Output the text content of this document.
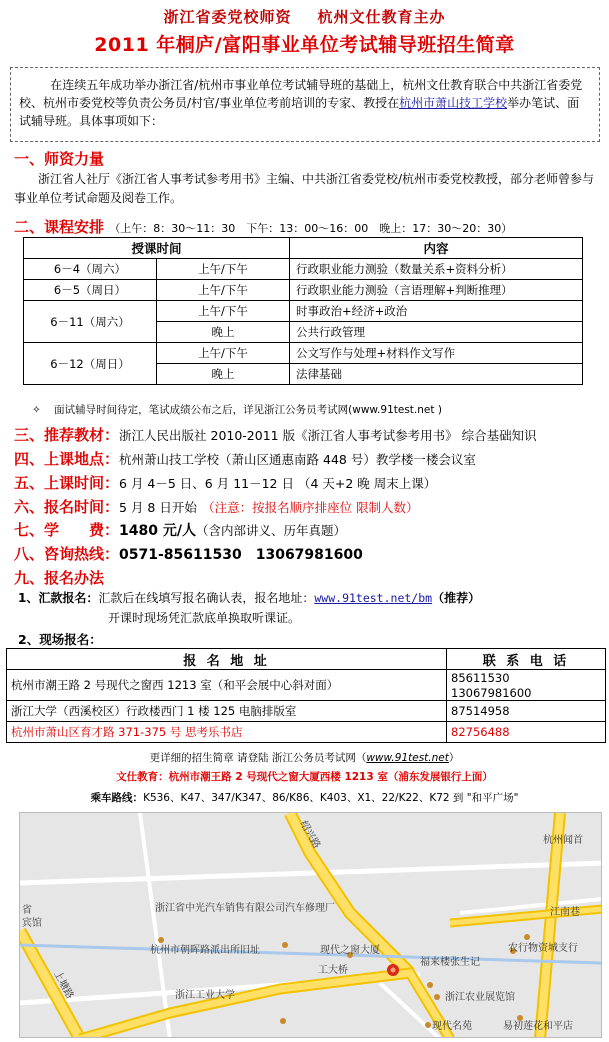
浙江省委党校师资 杭州文仕教育主办
2011 年桐庐/富阳事业单位考试辅导班招生简章
在连续五年成功举办浙江省/杭州市事业单位考试辅导班的基础上，杭州文仕教育联合中共浙江省委党校、杭州市委党校等负责公务员/村官/事业单位考前培训的专家、教授在杭州市萧山技工学校举办笔试、面试辅导班。具体事项如下：
一、师资力量
浙江省人社厅《浙江省人事考试参考用书》主编、中共浙江省委党校/杭州市委党校教授，部分老师曾参与事业单位考试命题及阅卷工作。
二、课程安排 （上午：8：30～11：30　下午：13：00～16：00　晚上：17：30～20：30）
授课时间		内容
6－4（周六）	上午/下午	行政职业能力测验（数量关系+资料分析）
6－5（周日）	上午/下午	行政职业能力测验（言语理解+判断推理）
6－11（周六）	上午/下午	时事政治+经济+政治
	晚上	公共行政管理
6－12（周日）	上午/下午	公文写作与处理+材料作文写作
	晚上	法律基础
✧ 面试辅导时间待定，笔试成绩公布之后，详见浙江公务员考试网(www.91test.net )
三、推荐教材：浙江人民出版社 2010-2011 版《浙江省人事考试参考用书》 综合基础知识
四、上课地点：杭州萧山技工学校（萧山区通惠南路 448 号）教学楼一楼会议室
五、上课时间：6 月 4－5 日、6 月 11－12 日 （4 天+2 晚 周末上课）
六、报名时间：5 月 8 日开始 （注意：按报名顺序排座位 限制人数）
七、学　　费：1480 元/人（含内部讲义、历年真题）
八、咨询热线：0571-85611530　13067981600
九、报名办法
1、汇款报名：汇款后在线填写报名确认表，报名地址：www.91test.net/bm（推荐）
开课时现场凭汇款底单换取听课证。
2、现场报名：
报 名 地 址	联 系 电 话
杭州市潮王路 2 号现代之窗西 1213 室（和平会展中心斜对面）	85611530　13067981600
浙江大学（西溪校区）行政楼西门 1 楼 125 电脑排版室	87514958
杭州市萧山区育才路 371-375 号 思考乐书店	82756488
更详细的招生简章 请登陆 浙江公务员考试网（www.91test.net）
文仕教育：杭州市潮王路 2 号现代之窗大厦西楼 1213 室（浦东发展银行上面）
乘车路线：K536、K47、347/K347、86/K86、K403、X1、22/K22、K72 到 "和平广场"
绍兴路	杭州闻首
浙江省中光汽车销售有限公司汽车修理厂	江南巷
杭州市朝晖路派出所旧址	现代之窗大厦	农行物资城支行
工大桥
福来楼张生记
浙江工业大学	浙江农业展览馆
现代名苑	易初莲花和平店
省
宾馆
上塘路
